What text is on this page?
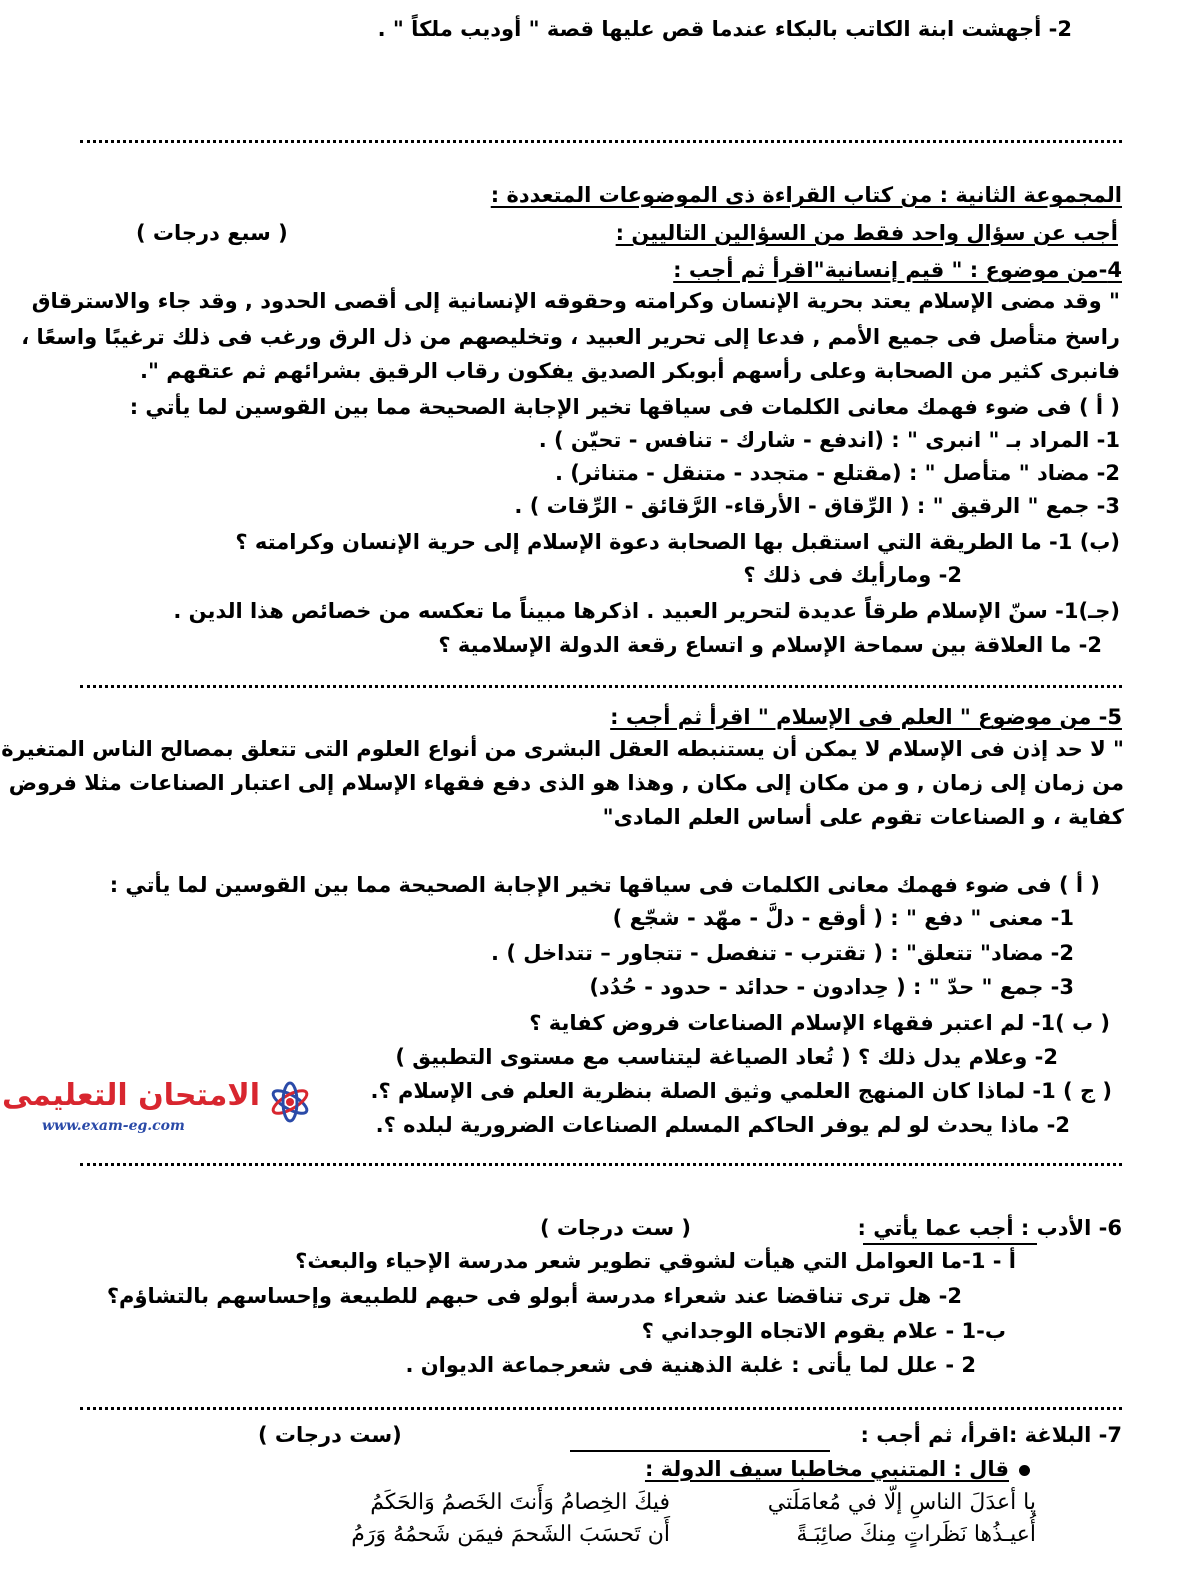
2- أجهشت ابنة الكاتب بالبكاء عندما قص عليها قصة " أوديب ملكاً " .
المجموعة الثانية : من كتاب القراءة ذى الموضوعات المتعددة :
أجب عن سؤال واحد فقط من السؤالين التاليين :
( سبع درجات )
4-من موضوع : " قيم إنسانية"اقرأ ثم أجب :
" وقد مضى الإسلام يعتد بحرية الإنسان وكرامته وحقوقه الإنسانية إلى أقصى الحدود , وقد جاء والاسترقاق
راسخ متأصل فى جميع الأمم , فدعا إلى تحرير العبيد ، وتخليصهم من ذل الرق ورغب فى ذلك ترغيبًا واسعًا ،
فانبرى كثير من الصحابة وعلى رأسهم أبوبكر الصديق يفكون رقاب الرقيق بشرائهم ثم عتقهم ".
( أ ) فى ضوء فهمك معانى الكلمات فى سياقها تخير الإجابة الصحيحة مما بين القوسين لما يأتي :
1- المراد بـ " انبرى " : (اندفع - شارك - تنافس - تحيّن ) .
2- مضاد " متأصل " : (مقتلع - متجدد - متنقل - متناثر) .
3- جمع " الرقيق " : ( الرِّقاق - الأرقاء- الرَّقائق - الرِّقات ) .
(ب) 1- ما الطريقة التي استقبل بها الصحابة دعوة الإسلام إلى حرية الإنسان وكرامته ؟
2- ومارأيك فى ذلك ؟
(جـ)1- سنّ الإسلام طرقاً عديدة لتحرير العبيد . اذكرها مبيناً ما تعكسه من خصائص هذا الدين .
2- ما العلاقة بين سماحة الإسلام و اتساع رقعة الدولة الإسلامية ؟
5- من موضوع " العلم فى الإسلام " اقرأ ثم أجب :
" لا حد إذن فى الإسلام لا يمكن أن يستنبطه العقل البشرى من أنواع العلوم التى تتعلق بمصالح الناس المتغيرة
من زمان إلى زمان , و من مكان إلى مكان , وهذا هو الذى دفع فقهاء الإسلام إلى اعتبار الصناعات مثلا فروض
كفاية ، و الصناعات تقوم على أساس العلم المادى"
( أ ) فى ضوء فهمك معانى الكلمات فى سياقها تخير الإجابة الصحيحة مما بين القوسين لما يأتي :
1- معنى " دفع " : ( أوقع - دلَّ - مهّد - شجّع )
2- مضاد" تتعلق" : ( تقترب - تنفصل - تتجاور – تتداخل ) .
3- جمع " حدّ " : ( حِدادون - حدائد - حدود - حُدُد)
( ب )1- لم اعتبر فقهاء الإسلام الصناعات فروض كفاية ؟
2- وعلام يدل ذلك ؟ ( تُعاد الصياغة ليتناسب مع مستوى التطبيق )
( ج ) 1- لماذا كان المنهج العلمي وثيق الصلة بنظرية العلم فى الإسلام ؟.
2- ماذا يحدث لو لم يوفر الحاكم المسلم الصناعات الضرورية لبلده ؟.
الامتحان التعليمى
www.exam-eg.com
6- الأدب : أجب عما يأتي :
( ست درجات )
أ - 1-ما العوامل التي هيأت لشوقي تطوير شعر مدرسة الإحياء والبعث؟
2- هل ترى تناقضا عند شعراء مدرسة أبولو فى حبهم للطبيعة وإحساسهم بالتشاؤم؟
ب-1 - علام يقوم الاتجاه الوجداني ؟
2 - علل لما يأتى : غلبة الذهنية فى شعرجماعة الديوان .
7- البلاغة :اقرأ، ثم أجب :
(ست درجات )
قال : المتنبي مخاطبا سيف الدولة :
يا أعدَلَ الناسِ إلّا في مُعامَلَتي
فيكَ الخِصامُ وَأَنتَ الخَصمُ وَالحَكَمُ
أُعيـذُها نَظَراتٍ مِنكَ صائِبَـةً
أَن تَحسَبَ الشَحمَ فيمَن شَحمُهُ وَرَمُ
